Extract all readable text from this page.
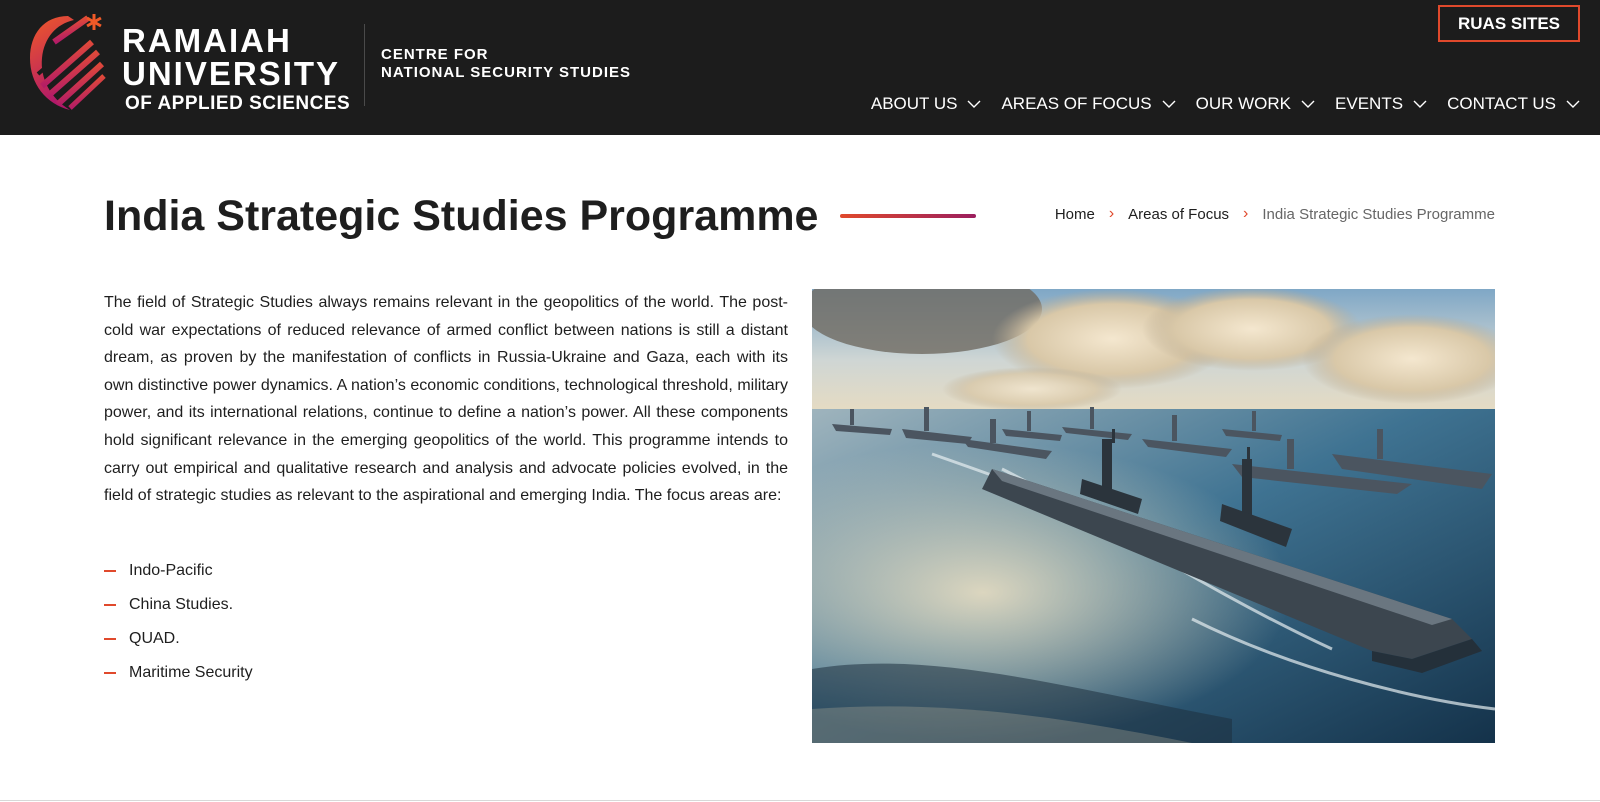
RAMAIAH
UNIVERSITY
OF APPLIED SCIENCES
CENTRE FOR
NATIONAL SECURITY STUDIES
RUAS SITES
ABOUT US	AREAS OF FOCUS	OUR WORK	EVENTS	CONTACT US
India Strategic Studies Programme	Home › Areas of Focus › India Strategic Studies Programme

The field of Strategic Studies always remains relevant in the geopolitics of the world. The post-cold war expectations of reduced relevance of armed conflict between nations is still a distant dream, as proven by the manifestation of conflicts in Russia-Ukraine and Gaza, each with its own distinctive power dynamics. A nation’s economic conditions, technological threshold, military power, and its international relations, continue to define a nation’s power. All these components hold significant relevance in the emerging geopolitics of the world. This programme intends to carry out empirical and qualitative research and analysis and advocate policies evolved, in the field of strategic studies as relevant to the aspirational and emerging India. The focus areas are:

Indo-Pacific
China Studies.
QUAD.
Maritime Security
